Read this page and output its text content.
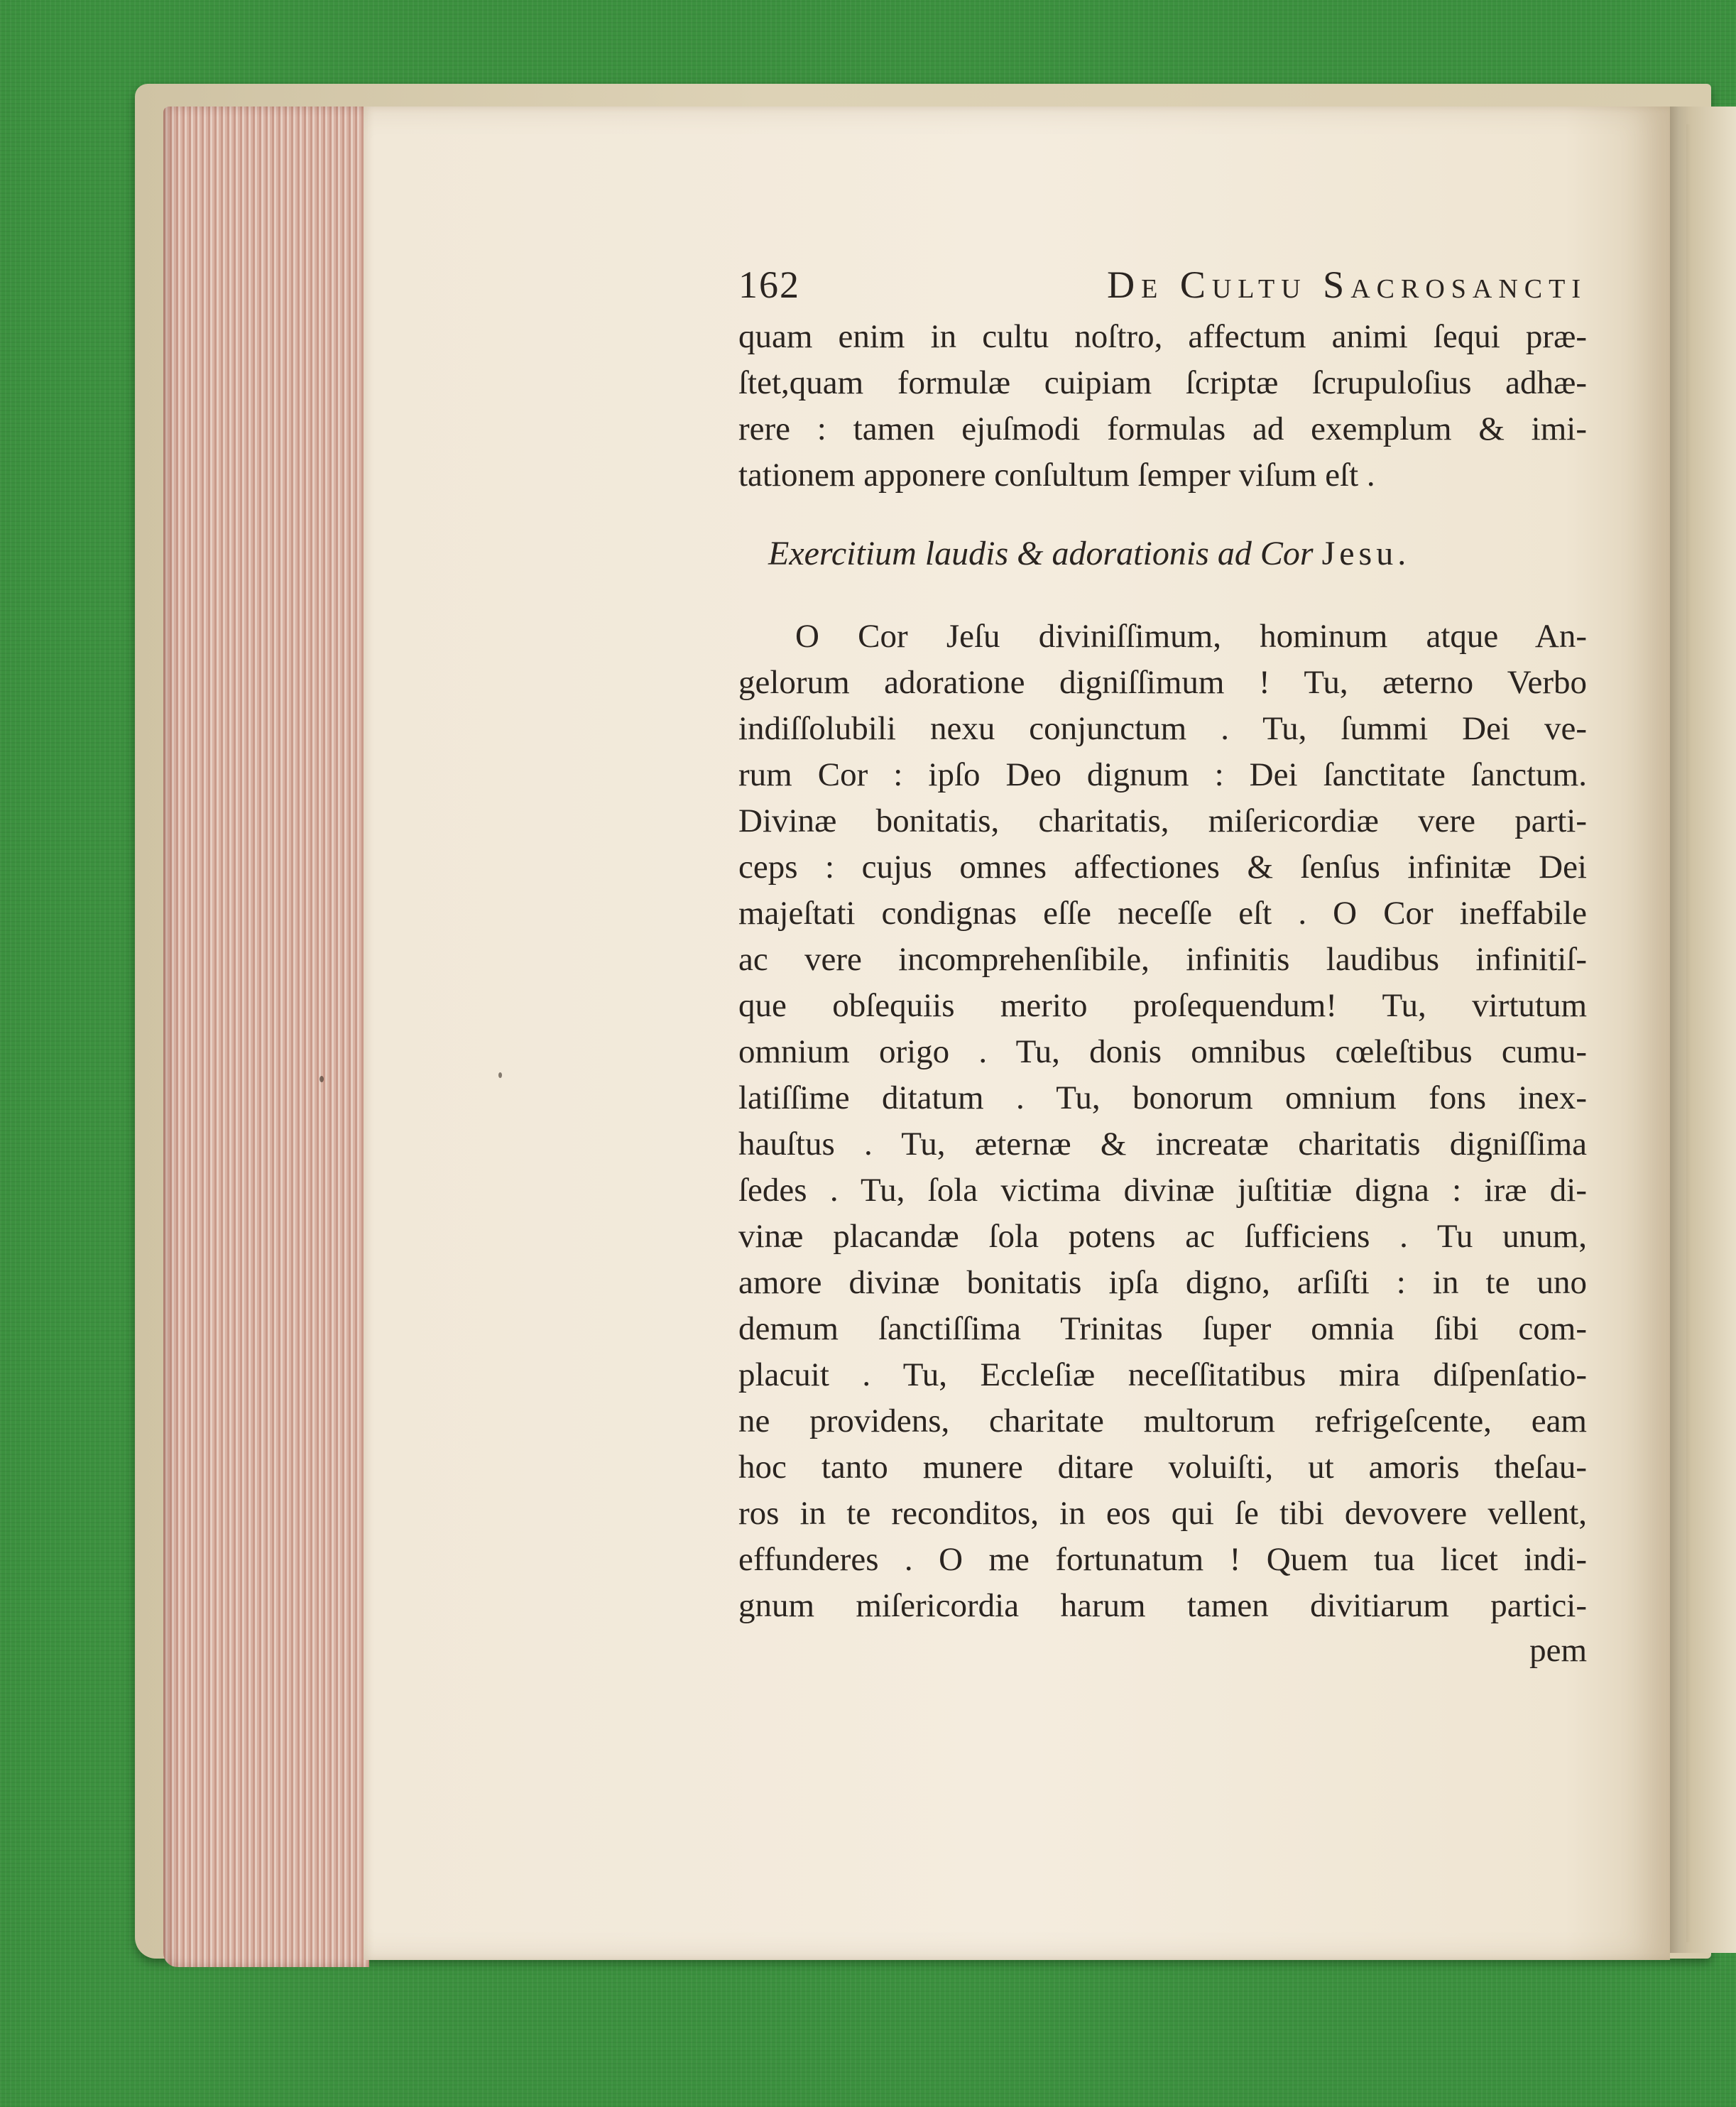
162	De Cultu Sacrosancti
quam enim in cultu noſtro, affectum animi ſequi præ-
ſtet,quam formulæ cuipiam ſcriptæ ſcrupuloſius adhæ-
rere : tamen ejuſmodi formulas ad exemplum & imi-
tationem apponere conſultum ſemper viſum eſt .
Exercitium laudis & adorationis ad Cor Jesu.
O Cor Jeſu diviniſſimum, hominum atque An-
gelorum adoratione digniſſimum ! Tu, æterno Verbo
indiſſolubili nexu conjunctum . Tu, ſummi Dei ve-
rum Cor : ipſo Deo dignum : Dei ſanctitate ſanctum.
Divinæ bonitatis, charitatis, miſericordiæ vere parti-
ceps : cujus omnes affectiones & ſenſus infinitæ Dei
majeſtati condignas eſſe neceſſe eſt . O Cor ineffabile
ac vere incomprehenſibile, infinitis laudibus infinitiſ-
que obſequiis merito proſequendum! Tu, virtutum
omnium origo . Tu, donis omnibus cœleſtibus cumu-
latiſſime ditatum . Tu, bonorum omnium fons inex-
hauſtus . Tu, æternæ & increatæ charitatis digniſſima
ſedes . Tu, ſola victima divinæ juſtitiæ digna : iræ di-
vinæ placandæ ſola potens ac ſufficiens . Tu unum,
amore divinæ bonitatis ipſa digno, arſiſti : in te uno
demum ſanctiſſima Trinitas ſuper omnia ſibi com-
placuit . Tu, Eccleſiæ neceſſitatibus mira diſpenſatio-
ne providens, charitate multorum refrigeſcente, eam
hoc tanto munere ditare voluiſti, ut amoris theſau-
ros in te reconditos, in eos qui ſe tibi devovere vellent,
effunderes . O me fortunatum ! Quem tua licet indi-
gnum miſericordia harum tamen divitiarum partici-
pem
